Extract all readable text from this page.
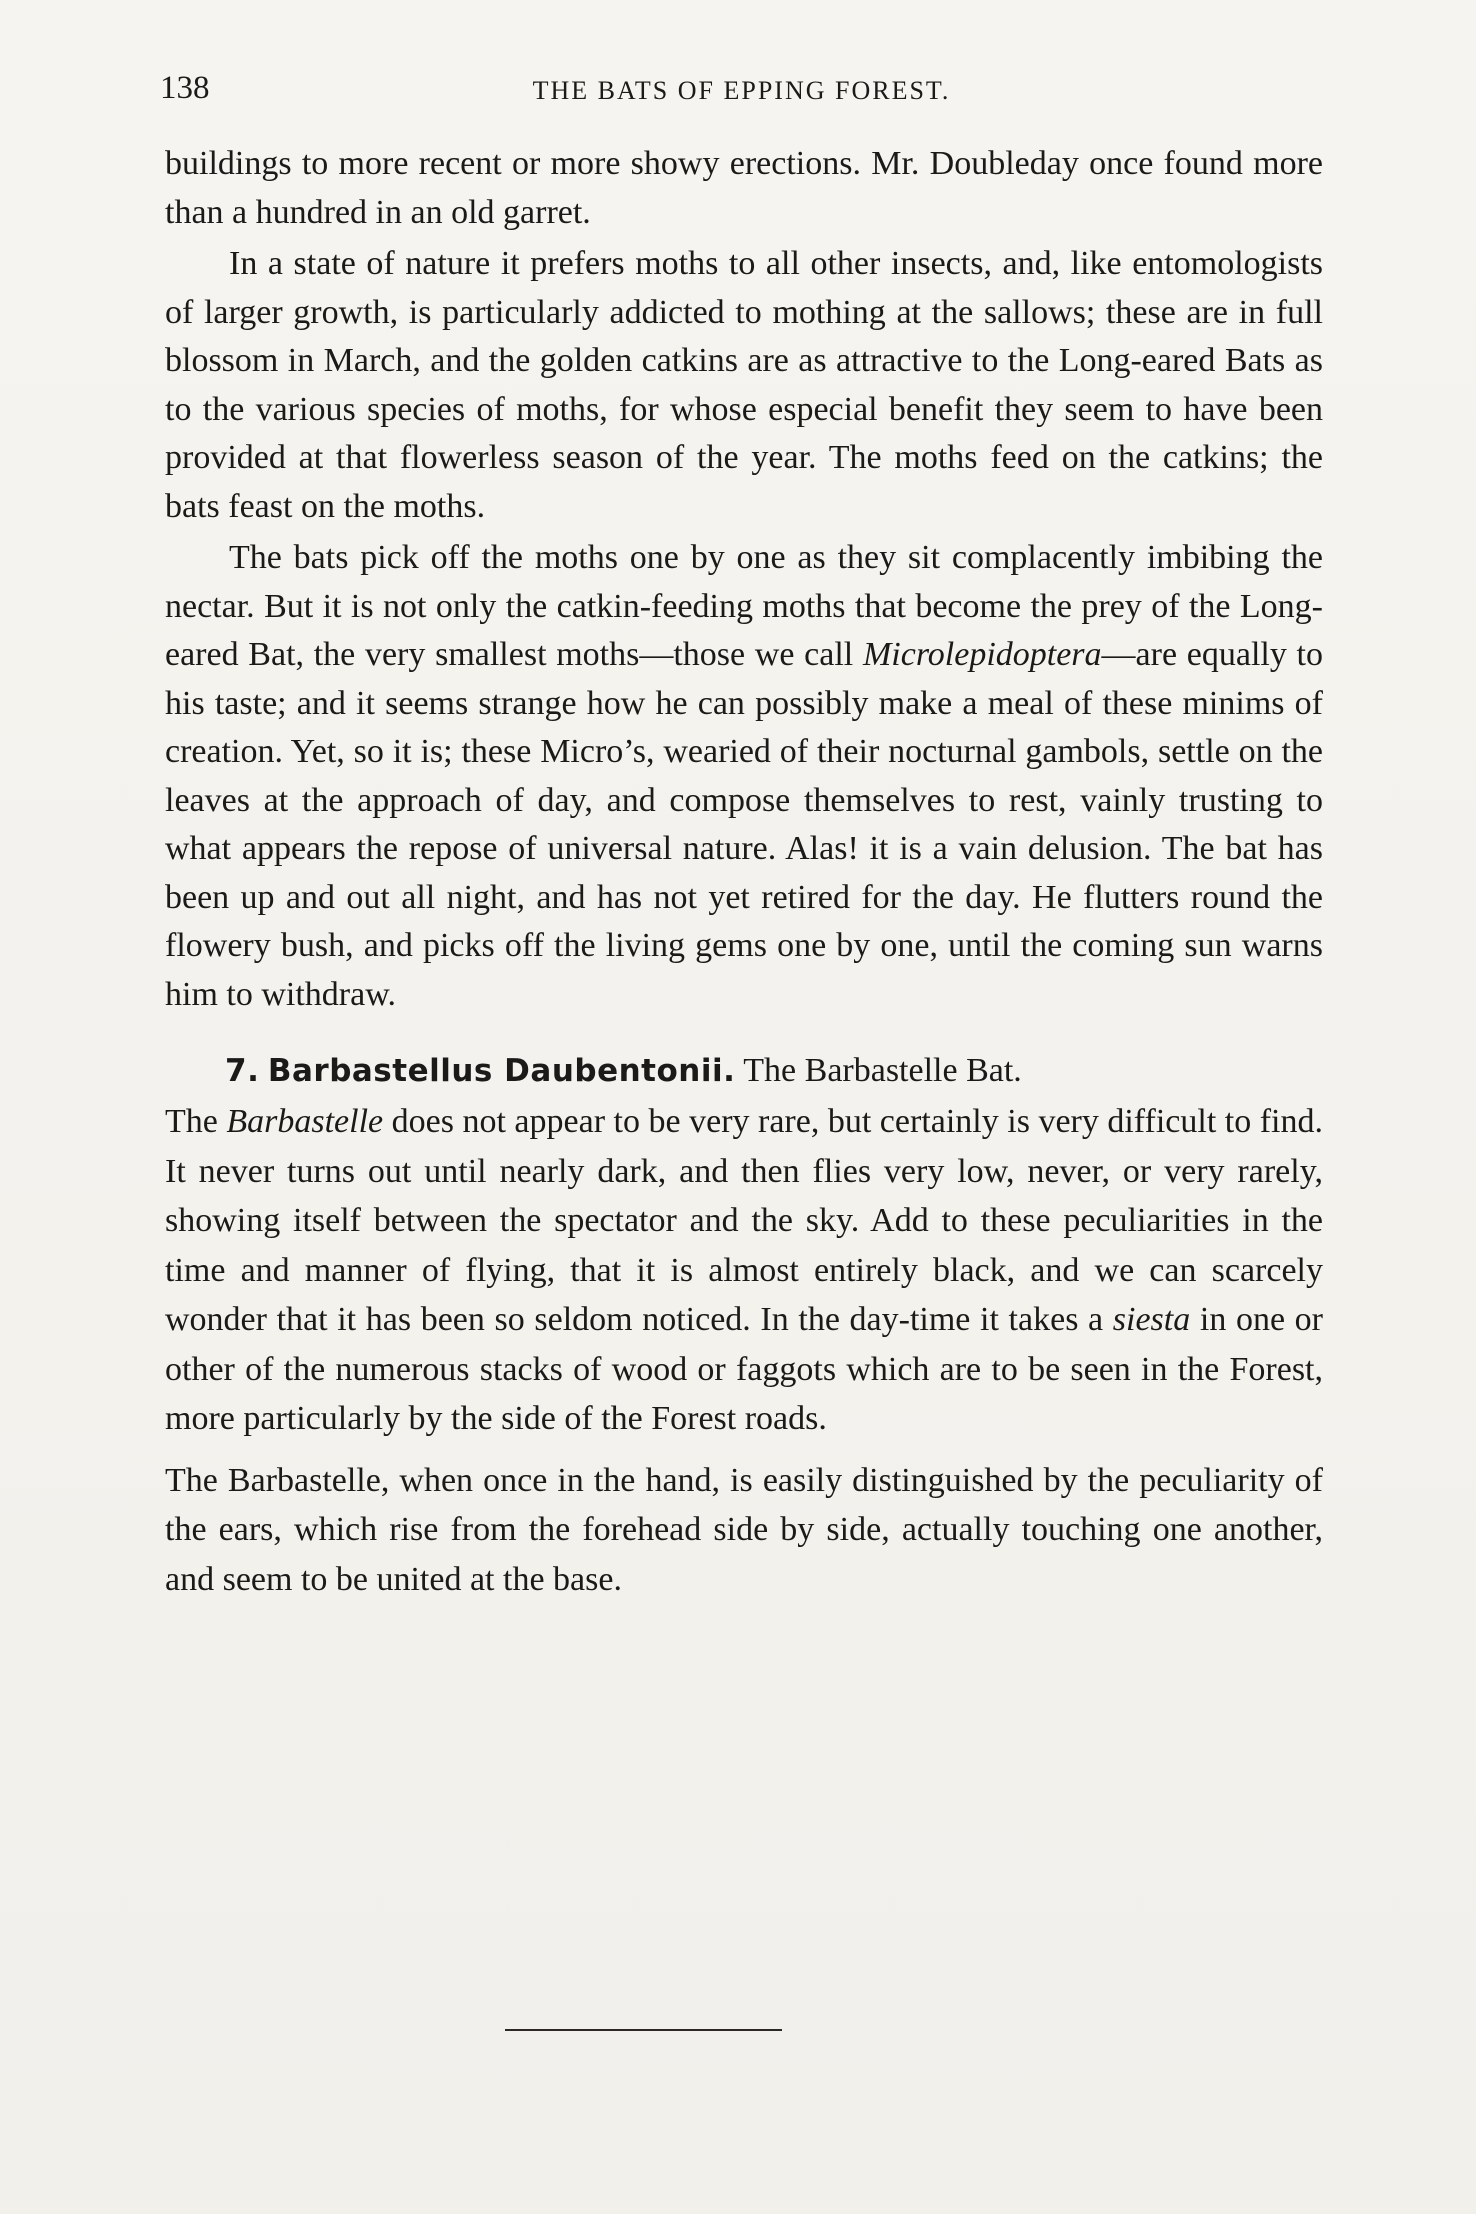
138	THE BATS OF EPPING FOREST.

buildings to more recent or more showy erections. Mr. Doubleday once found more than a hundred in an old garret.

In a state of nature it prefers moths to all other insects, and, like entomologists of larger growth, is particularly addicted to mothing at the sallows; these are in full blossom in March, and the golden catkins are as attractive to the Long-eared Bats as to the various species of moths, for whose especial benefit they seem to have been provided at that flowerless season of the year. The moths feed on the catkins; the bats feast on the moths.

The bats pick off the moths one by one as they sit complacently imbibing the nectar. But it is not only the catkin-feeding moths that become the prey of the Long-eared Bat, the very smallest moths—those we call Microlepidoptera—are equally to his taste; and it seems strange how he can possibly make a meal of these minims of creation. Yet, so it is; these Micro’s, wearied of their nocturnal gambols, settle on the leaves at the approach of day, and compose themselves to rest, vainly trusting to what appears the repose of universal nature. Alas! it is a vain delusion. The bat has been up and out all night, and has not yet retired for the day. He flutters round the flowery bush, and picks off the living gems one by one, until the coming sun warns him to withdraw.

7. Barbastellus Daubentonii. The Barbastelle Bat.

The Barbastelle does not appear to be very rare, but certainly is very difficult to find. It never turns out until nearly dark, and then flies very low, never, or very rarely, showing itself between the spectator and the sky. Add to these peculiarities in the time and manner of flying, that it is almost entirely black, and we can scarcely wonder that it has been so seldom noticed. In the day-time it takes a siesta in one or other of the numerous stacks of wood or faggots which are to be seen in the Forest, more particularly by the side of the Forest roads.

The Barbastelle, when once in the hand, is easily distinguished by the peculiarity of the ears, which rise from the forehead side by side, actually touching one another, and seem to be united at the base.
